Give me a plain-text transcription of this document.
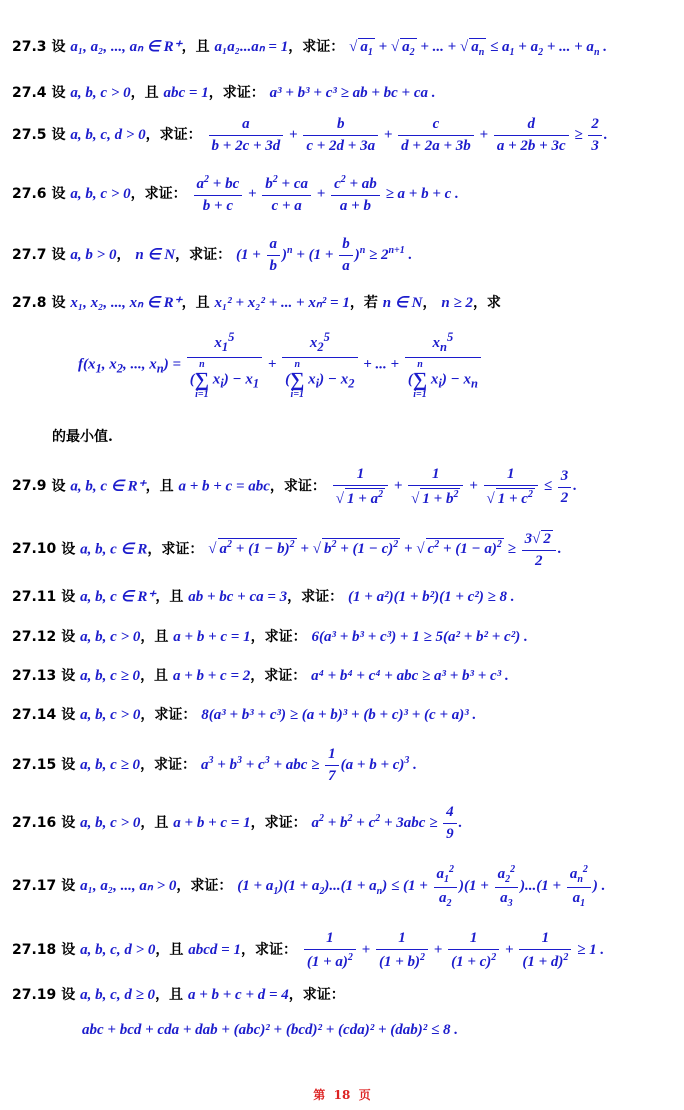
27.3 设 a₁, a₂, ..., aₙ ∈ R⁺，且 a₁a₂...aₙ = 1，求证： √ $a_1$ + √ $a_2$ + ... + √ $a_n \le a_1 + a_2$ + ... + $a_n$ .
27.4 设 a, b, c > 0，且 abc = 1，求证： a³ + b³ + c³ ≥ ab + bc + ca .
27.5 设 a, b, c, d > 0，求证： $\frac{a}{b + 2c + 3d} + \frac{b}{c + 2d + 3a} + \frac{c}{d + 2a + 3b} + \frac{d}{a + 2b + 3c} \ge \frac{2}{3}$ .
27.6 设 a, b, c > 0，求证： $\frac{a^2 + bc}{b + c} + \frac{b^2 + ca}{c + a} + \frac{c^2 + ab}{a + b} \ge a + b + c$ .
27.7 设 a, b > 0， n ∈ N，求证： $(1 + \frac{a}{b} )^n + (1 + \frac{b}{a} )^n \ge 2^{n+1}$ .
27.8 设 x₁, x₂, ..., xₙ ∈ R⁺，且 x₁² + x₂² + ... + xₙ² = 1，若 n ∈ N， n ≥ 2，求
$f(x_1$, $x_2$, ..., $x_n) = x_1^5$
(n
∑
i=1 $x_i) - x_1 + x_2^5$
(n
∑
i=1 $x_i) - x_2$ + ... + $x_n^5$
(n
∑
i=1 $x_i) - x_n$
的最小值.
27.9 设 a, b, c ∈ R⁺，且 a + b + c = abc，求证： $\frac{1}{√ 1 + a^2} + \frac{1}{√ 1 + b^2} + \frac{1}{√ 1 + c^2} \le \frac{3}{2}$ .
27.10 设 a, b, c ∈ R，求证： √ $a^2 + (1 - b)^2$ + √ $b^2 + (1 - c)^2$ + √ $c^2 + (1 - a)^2 \ge \frac{3√ 2}{2}$ .
27.11 设 a, b, c ∈ R⁺，且 ab + bc + ca = 3，求证： (1 + a²)(1 + b²)(1 + c²) ≥ 8 .
27.12 设 a, b, c > 0，且 a + b + c = 1，求证： 6(a³ + b³ + c³) + 1 ≥ 5(a² + b² + c²) .
27.13 设 a, b, c ≥ 0，且 a + b + c = 2，求证： a⁴ + b⁴ + c⁴ + abc ≥ a³ + b³ + c³ .
27.14 设 a, b, c > 0，求证： 8(a³ + b³ + c³) ≥ (a + b)³ + (b + c)³ + (c + a)³ .
27.15 设 a, b, c ≥ 0，求证： $a^3 + b^3 + c^3$ + abc ≥ $\frac{1}{7} (a + b + c)^3$ .
27.16 设 a, b, c > 0，且 a + b + c = 1，求证： $a^2 + b^2 + c^2 + 3abc \ge \frac{4}{9}$ .
27.17 设 a₁, a₂, ..., aₙ > 0，求证： $(1 + a_1)(1 + a_2)...(1 + a_n) \le (1 + \frac{a_1^2}{a_2} )(1 + \frac{a_2^2}{a_3} )...(1 + \frac{a_n^2}{a_1}$ ) .
27.18 设 a, b, c, d > 0，且 abcd = 1，求证： $\frac{1}{(1 + a)^2} + \frac{1}{(1 + b)^2} + \frac{1}{(1 + c)^2} + \frac{1}{(1 + d)^2} \ge 1$ .
27.19 设 a, b, c, d ≥ 0，且 a + b + c + d = 4，求证：
abc + bcd + cda + dab + (abc)² + (bcd)² + (cda)² + (dab)² ≤ 8 .
第 18 页
